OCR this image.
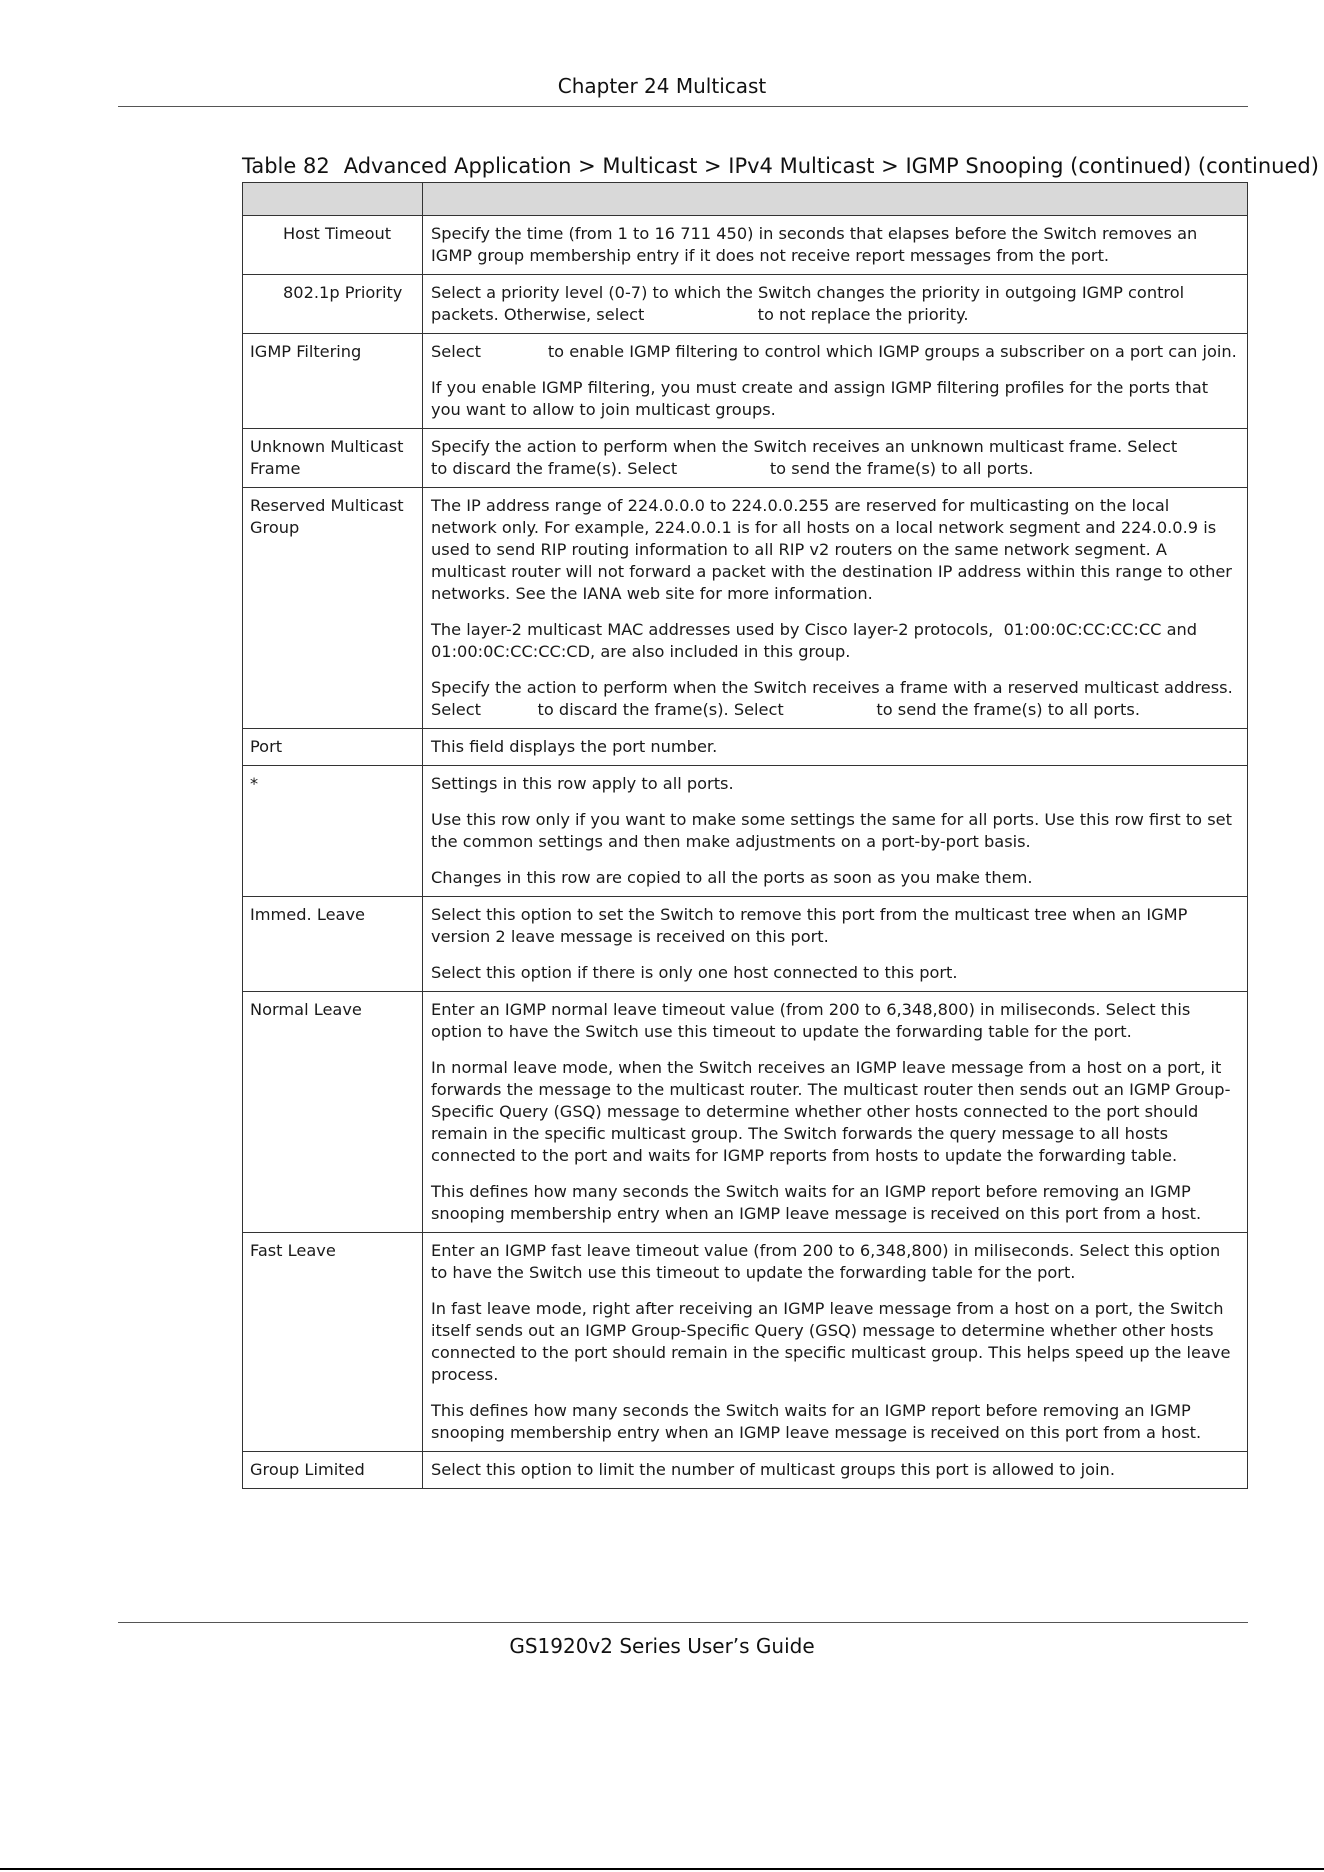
Chapter 24 Multicast
Table 82 Advanced Application > Multicast > IPv4 Multicast > IGMP Snooping (continued) (continued)

Host Timeout	Specify the time (from 1 to 16 711 450) in seconds that elapses before the Switch removes an IGMP group membership entry if it does not receive report messages from the port.

802.1p Priority	Select a priority level (0-7) to which the Switch changes the priority in outgoing IGMP control packets. Otherwise, select                      to not replace the priority.

IGMP Filtering	Select             to enable IGMP filtering to control which IGMP groups a subscriber on a port can join.

If you enable IGMP filtering, you must create and assign IGMP filtering profiles for the ports that you want to allow to join multicast groups.

Unknown Multicast Frame	Specify the action to perform when the Switch receives an unknown multicast frame. Select           to discard the frame(s). Select                  to send the frame(s) to all ports.

Reserved Multicast Group	The IP address range of 224.0.0.0 to 224.0.0.255 are reserved for multicasting on the local network only. For example, 224.0.0.1 is for all hosts on a local network segment and 224.0.0.9 is used to send RIP routing information to all RIP v2 routers on the same network segment. A multicast router will not forward a packet with the destination IP address within this range to other networks. See the IANA web site for more information.

The layer-2 multicast MAC addresses used by Cisco layer-2 protocols,  01:00:0C:CC:CC:CC and 01:00:0C:CC:CC:CD, are also included in this group.

Specify the action to perform when the Switch receives a frame with a reserved multicast address. Select           to discard the frame(s). Select                  to send the frame(s) to all ports.

Port	This field displays the port number.

*	Settings in this row apply to all ports.

Use this row only if you want to make some settings the same for all ports. Use this row first to set the common settings and then make adjustments on a port-by-port basis.

Changes in this row are copied to all the ports as soon as you make them.

Immed. Leave	Select this option to set the Switch to remove this port from the multicast tree when an IGMP version 2 leave message is received on this port.

Select this option if there is only one host connected to this port.

Normal Leave	Enter an IGMP normal leave timeout value (from 200 to 6,348,800) in miliseconds. Select this option to have the Switch use this timeout to update the forwarding table for the port.

In normal leave mode, when the Switch receives an IGMP leave message from a host on a port, it forwards the message to the multicast router. The multicast router then sends out an IGMP Group-Specific Query (GSQ) message to determine whether other hosts connected to the port should remain in the specific multicast group. The Switch forwards the query message to all hosts connected to the port and waits for IGMP reports from hosts to update the forwarding table.

This defines how many seconds the Switch waits for an IGMP report before removing an IGMP snooping membership entry when an IGMP leave message is received on this port from a host.

Fast Leave	Enter an IGMP fast leave timeout value (from 200 to 6,348,800) in miliseconds. Select this option to have the Switch use this timeout to update the forwarding table for the port.

In fast leave mode, right after receiving an IGMP leave message from a host on a port, the Switch itself sends out an IGMP Group-Specific Query (GSQ) message to determine whether other hosts connected to the port should remain in the specific multicast group. This helps speed up the leave process.

This defines how many seconds the Switch waits for an IGMP report before removing an IGMP snooping membership entry when an IGMP leave message is received on this port from a host.

Group Limited	Select this option to limit the number of multicast groups this port is allowed to join.

GS1920v2 Series User’s Guide
